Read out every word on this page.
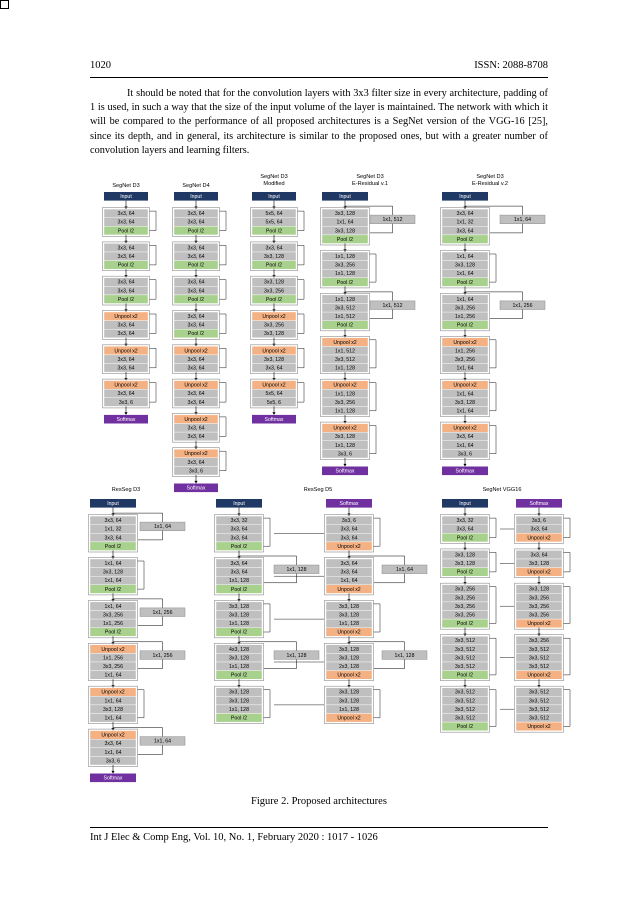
1020	ISSN: 2088-8708

It should be noted that for the convolution layers with 3x3 filter size in every architecture, padding of 1 is used, in such a way that the size of the input volume of the layer is maintained. The network with which it will be compared to the performance of all proposed architectures is a SegNet version of the VGG-16 [25], since its depth, and in general, its architecture is similar to the proposed ones, but with a greater number of convolution layers and learning filters.

SegNet D3
Input
3x3, 64
3x3, 64
Pool /2
3x3, 64
3x3, 64
Pool /2
3x3, 64
3x3, 64
Pool /2
Unpool x2
3x3, 64
3x3, 64
Unpool x2
3x3, 64
3x3, 64
Unpool x2
3x3, 64
3x3, 6
Softmax
SegNet D4
Input
3x3, 64
3x3, 64
Pool /2
3x3, 64
3x3, 64
Pool /2
3x3, 64
3x3, 64
Pool /2
3x3, 64
3x3, 64
Pool /2
Unpool x2
3x3, 64
3x3, 64
Unpool x2
3x3, 64
3x3, 64
Unpool x2
3x3, 64
3x3, 64
Unpool x2
3x3, 64
3x3, 6
Softmax
SegNet D3 Modified
Input
5x5, 64
5x5, 64
Pool /2
3x3, 64
3x3, 128
Pool /2
3x3, 128
3x3, 256
Pool /2
Unpool x2
3x3, 256
3x3, 128
Unpool x2
3x3, 128
3x3, 64
Unpool x2
5x5, 64
5x5, 6
Softmax
SegNet D3 E-Residual v.1
Input
3x3, 128
1x1, 64
3x3, 128
Pool /2
1x1, 512
1x1, 128
3x3, 256
1x1, 128
Pool /2
1x1, 128
3x3, 512
1x1, 512
Pool /2
1x1, 512
Unpool x2
1x1, 512
3x3, 512
1x1, 128
Unpool x2
1x1, 128
3x3, 256
1x1, 128
Unpool x2
3x3, 128
1x1, 128
3x3, 6
Softmax
SegNet D3 E-Residual v.2
Input
3x3, 64
1x1, 32
3x3, 64
Pool /2
1x1, 64
1x1, 64
3x3, 128
1x1, 64
Pool /2
1x1, 64
3x3, 256
1x1, 256
Pool /2
1x1, 256
Unpool x2
1x1, 256
3x3, 256
1x1, 64
Unpool x2
1x1, 64
3x3, 128
1x1, 64
Unpool x2
3x3, 64
1x1, 64
3x3, 6
Softmax
ResSeg D3
Input
3x3, 64
1x1, 32
3x3, 64
Pool /2
1x1, 64
1x1, 64
3x3, 128
1x1, 64
Pool /2
1x1, 64
3x3, 256
1x1, 256
Pool /2
1x1, 256
Unpool x2
1x1, 256
3x3, 256
1x1, 64
1x1, 256
Unpool x2
1x1, 64
3x3, 128
1x1, 64
Unpool x2
3x3, 64
1x1, 64
3x3, 6
1x1, 64
Softmax
ResSeg D5
Input
3x3, 32
3x3, 64
3x3, 64
Pool /2
3x3, 64
3x3, 64
1x1, 128
Pool /2
1x1, 128
3x3, 128
3x3, 128
1x1, 128
Pool /2
4x3, 128
3x3, 128
1x1, 128
Pool /2
1x1, 128
3x3, 128
3x3, 128
1x1, 128
Pool /2
Softmax
3x3, 6
3x3, 64
3x3, 64
Unpool x2
3x3, 64
3x3, 64
1x1, 64
Unpool x2
1x1, 64
3x3, 128
3x3, 128
1x1, 128
Unpool x2
3x3, 128
3x3, 128
2x3, 128
Unpool x2
1x1, 128
3x3, 128
3x3, 128
1x1, 128
Unpool x2
SegNet VGG16
Input
3x3, 32
3x3, 64
Pool /2
3x3, 128
3x3, 128
Pool /2
3x3, 256
3x3, 256
3x3, 256
3x3, 256
Pool /2
3x3, 512
3x3, 512
3x3, 512
3x3, 512
Pool /2
3x3, 512
3x3, 512
3x3, 512
3x3, 512
Pool /2
Softmax
3x3, 6
3x3, 64
Unpool x2
3x3, 64
3x3, 128
Unpool x2
3x3, 128
3x3, 256
3x3, 256
3x3, 256
Unpool x2
3x3, 256
3x3, 512
3x3, 512
3x3, 512
Unpool x2
3x3, 512
3x3, 512
3x3, 512
3x3, 512
Unpool x2
Figure 2. Proposed architectures
Int J Elec & Comp Eng, Vol. 10, No. 1, February 2020 : 1017 - 1026
